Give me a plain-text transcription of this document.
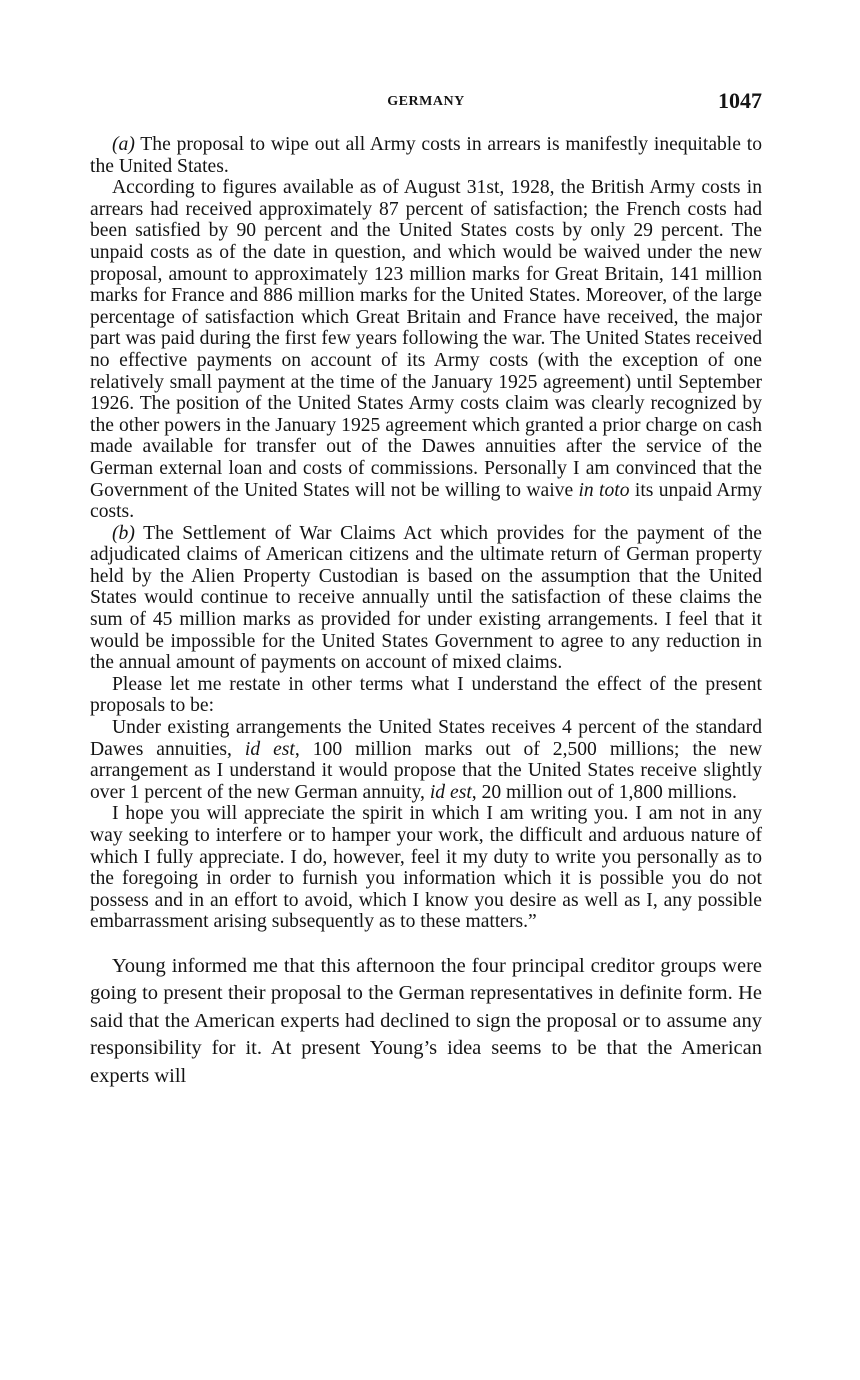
GERMANY	1047

(a) The proposal to wipe out all Army costs in arrears is manifestly inequitable to the United States.

According to figures available as of August 31st, 1928, the British Army costs in arrears had received approximately 87 percent of satisfaction; the French costs had been satisfied by 90 percent and the United States costs by only 29 percent. The unpaid costs as of the date in question, and which would be waived under the new proposal, amount to approximately 123 million marks for Great Britain, 141 million marks for France and 886 million marks for the United States. Moreover, of the large percentage of satisfaction which Great Britain and France have received, the major part was paid during the first few years following the war. The United States received no effective payments on account of its Army costs (with the exception of one relatively small payment at the time of the January 1925 agreement) until September 1926. The position of the United States Army costs claim was clearly recognized by the other powers in the January 1925 agreement which granted a prior charge on cash made available for transfer out of the Dawes annuities after the service of the German external loan and costs of commissions. Personally I am convinced that the Government of the United States will not be willing to waive in toto its unpaid Army costs.

(b) The Settlement of War Claims Act which provides for the payment of the adjudicated claims of American citizens and the ultimate return of German property held by the Alien Property Custodian is based on the assumption that the United States would continue to receive annually until the satisfaction of these claims the sum of 45 million marks as provided for under existing arrangements. I feel that it would be impossible for the United States Government to agree to any reduction in the annual amount of payments on account of mixed claims.

Please let me restate in other terms what I understand the effect of the present proposals to be:

Under existing arrangements the United States receives 4 percent of the standard Dawes annuities, id est, 100 million marks out of 2,500 millions; the new arrangement as I understand it would propose that the United States receive slightly over 1 percent of the new German annuity, id est, 20 million out of 1,800 millions.

I hope you will appreciate the spirit in which I am writing you. I am not in any way seeking to interfere or to hamper your work, the difficult and arduous nature of which I fully appreciate. I do, however, feel it my duty to write you personally as to the foregoing in order to furnish you information which it is possible you do not possess and in an effort to avoid, which I know you desire as well as I, any possible embarrassment arising subsequently as to these matters.”

Young informed me that this afternoon the four principal creditor groups were going to present their proposal to the German representatives in definite form. He said that the American experts had declined to sign the proposal or to assume any responsibility for it. At present Young’s idea seems to be that the American experts will
